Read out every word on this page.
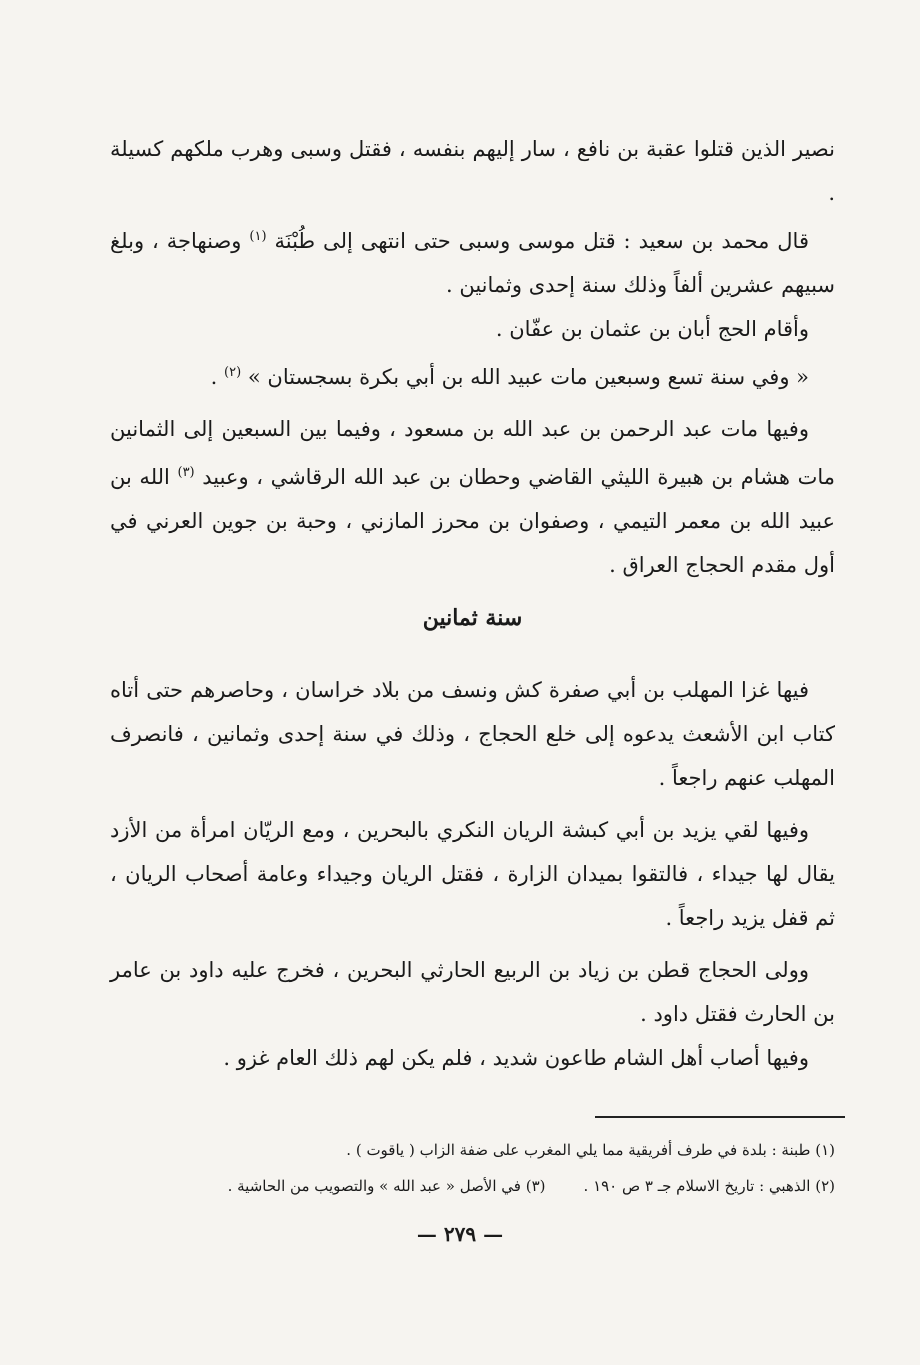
نصير الذين قتلوا عقبة بن نافع ، سار إليهم بنفسه ، فقتل وسبى وهرب ملكهم كسيلة .

قال محمد بن سعيد : قتل موسى وسبى حتى انتهى إلى طُبْنَة $^{(١)}$ وصنهاجة ، وبلغ سبيهم عشرين ألفاً وذلك سنة إحدى وثمانين .

وأقام الحج أبان بن عثمان بن عفّان .

« وفي سنة تسع وسبعين مات عبيد الله بن أبي بكرة بسجستان » $^{(٢)}$ .

وفيها مات عبد الرحمن بن عبد الله بن مسعود ، وفيما بين السبعين إلى الثمانين مات هشام بن هبيرة الليثي القاضي وحطان بن عبد الله الرقاشي ، وعبيد $^{(٣)}$ الله بن عبيد الله بن معمر التيمي ، وصفوان بن محرز المازني ، وحبة بن جوين العرني في أول مقدم الحجاج العراق .

سنة ثمانين

فيها غزا المهلب بن أبي صفرة كش ونسف من بلاد خراسان ، وحاصرهم حتى أتاه كتاب ابن الأشعث يدعوه إلى خلع الحجاج ، وذلك في سنة إحدى وثمانين ، فانصرف المهلب عنهم راجعاً .

وفيها لقي يزيد بن أبي كبشة الريان النكري بالبحرين ، ومع الريّان امرأة من الأزد يقال لها جيداء ، فالتقوا بميدان الزارة ، فقتل الريان وجيداء وعامة أصحاب الريان ، ثم قفل يزيد راجعاً .

وولى الحجاج قطن بن زياد بن الربيع الحارثي البحرين ، فخرج عليه داود بن عامر بن الحارث فقتل داود .

وفيها أصاب أهل الشام طاعون شديد ، فلم يكن لهم ذلك العام غزو .

(١) طبنة : بلدة في طرف أفريقية مما يلي المغرب على ضفة الزاب ( ياقوت ) .

(٢) الذهبي : تاريخ الاسلام جـ ٣ ص ١٩٠ .(٣) في الأصل « عبد الله » والتصويب من الحاشية .

— ٢٧٩ —
